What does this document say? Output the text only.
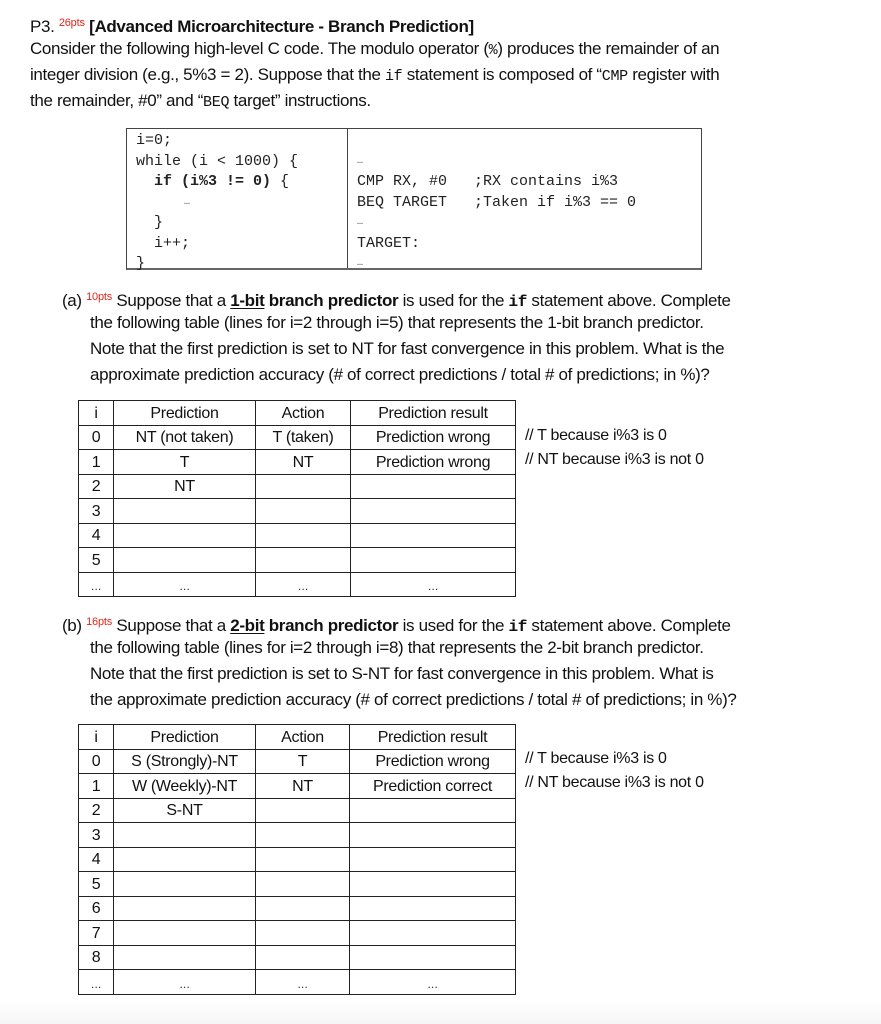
P3. $^{26pts}$ [Advanced Microarchitecture - Branch Prediction]
Consider the following high-level C code. The modulo operator (%) produces the remainder of an
integer division (e.g., 5%3 = 2). Suppose that the if statement is composed of “CMP register with
the remainder, #0” and “BEQ target” instructions.
i=0;
while (i < 1000) {
if (i%3 != 0) {
…
}
i++;
}
…
CMP RX, #0   ;RX contains i%3
BEQ TARGET   ;Taken if i%3 == 0
…
TARGET:
…
(a) $^{10pts}$ Suppose that a 1-bit branch predictor is used for the if statement above. Complete
the following table (lines for i=2 through i=5) that represents the 1-bit branch predictor.
Note that the first prediction is set to NT for fast convergence in this problem. What is the
approximate prediction accuracy (# of correct predictions / total # of predictions; in %)?
i	Prediction	Action	Prediction result
0	NT (not taken)	T (taken)	Prediction wrong
1	T	NT	Prediction wrong
2	NT		
3			
4			
5			
…	…	…	…
// T because i%3 is 0
// NT because i%3 is not 0
(b) $^{16pts}$ Suppose that a 2-bit branch predictor is used for the if statement above. Complete
the following table (lines for i=2 through i=8) that represents the 2-bit branch predictor.
Note that the first prediction is set to S-NT for fast convergence in this problem. What is
the approximate prediction accuracy (# of correct predictions / total # of predictions; in %)?
i	Prediction	Action	Prediction result
0	S (Strongly)-NT	T	Prediction wrong
1	W (Weekly)-NT	NT	Prediction correct
2	S-NT		
3			
4			
5			
6			
7			
8			
…	…	…	…
// T because i%3 is 0
// NT because i%3 is not 0
